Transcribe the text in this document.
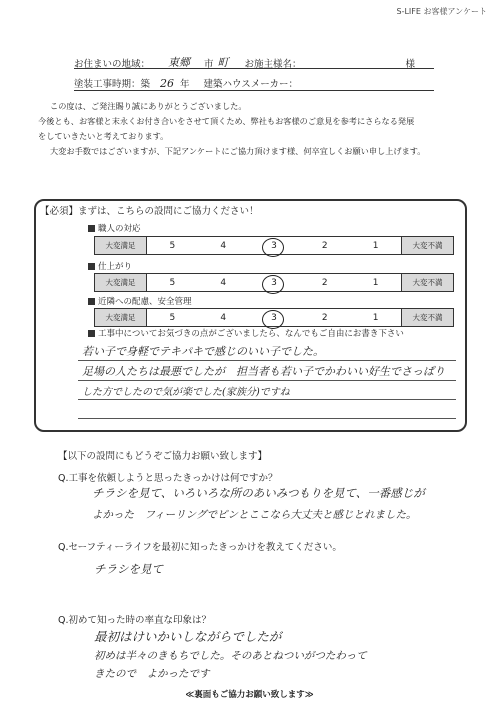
S-LIFE お客様アンケート
お住まいの地域： 東郷 市 町 お施主様名：	様
塗装工事時期：築 26 年 建築ハウスメーカー：

この度は、ご発注賜り誠にありがとうございました。

今後とも、お客様と末永くお付き合いをさせて頂くため、弊社もお客様のご意見を参考にさらなる発展

をしていきたいと考えております。

大変お手数ではございますが、下記アンケートにご協力頂けます様、何卒宜しくお願い申し上げます。

【必須】まずは、こちらの設問にご協力ください！
職人の対応
大変満足	5	4	3	2	1	大変不満
仕上がり
大変満足	5	4	3	2	1	大変不満
近隣への配慮、安全管理
大変満足	5	4	3	2	1	大変不満
工事中についてお気づきの点がございましたら、なんでもご自由にお書き下さい
若い子で身軽でテキパキで感じのいい子でした。
足場の人たちは最悪でしたが　担当者も若い子でかわいい好生でさっぱり
した方でしたので気が楽でした(家族分)ですね
【以下の設問にもどうぞご協力お願い致します】
Q.工事を依頼しようと思ったきっかけは何ですか？
チラシを見て、いろいろな所のあいみつもりを見て、一番感じが
よかった　フィーリングでピンとここなら大丈夫と感じとれました。
Q.セーフティーライフを最初に知ったきっかけを教えてください。
チラシを見て
Q.初めて知った時の率直な印象は？
最初はけいかいしながらでしたが
初めは半々のきもちでした。そのあとねついがつたわって
きたので　よかったです
≪裏面もご協力お願い致します≫
